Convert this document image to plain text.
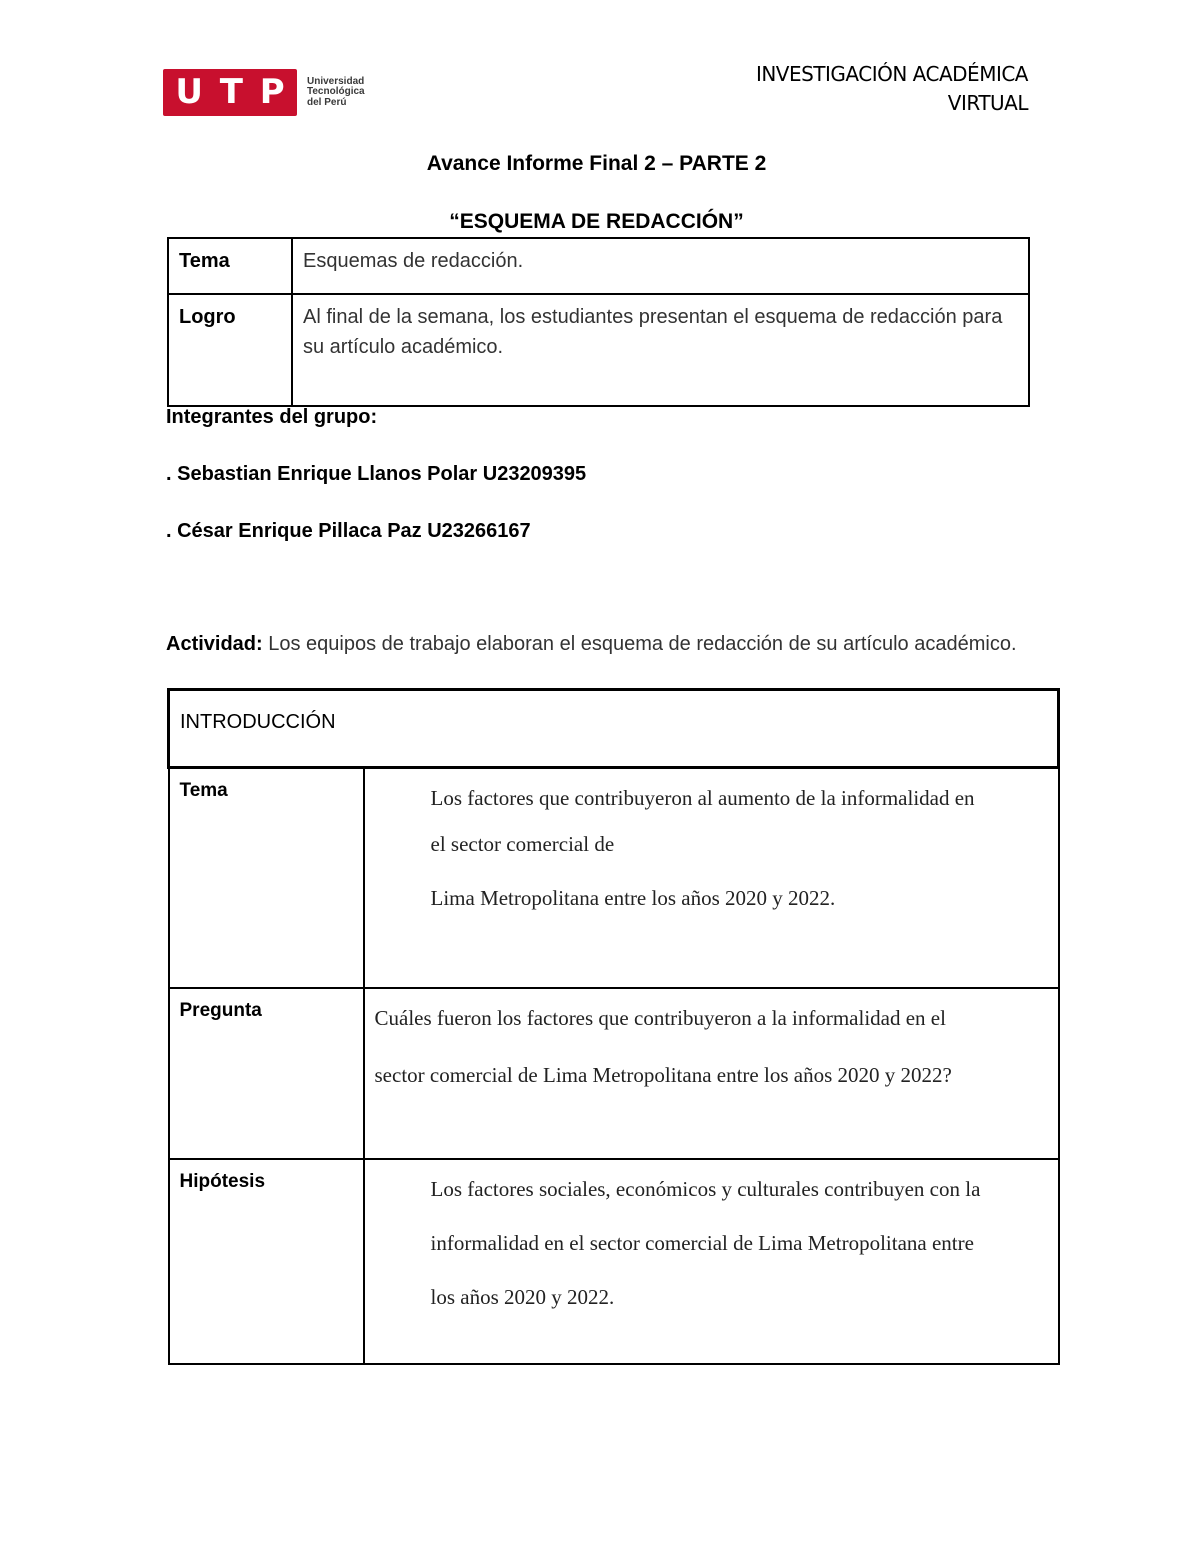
U T P Universidad
Tecnológica
del Perú
INVESTIGACIÓN ACADÉMICA
VIRTUAL
Avance Informe Final 2 – PARTE 2
“ESQUEMA DE REDACCIÓN”
Tema	Esquemas de redacción.
Logro	Al final de la semana, los estudiantes presentan el esquema de redacción para su artículo académico.
Integrantes del grupo:
. Sebastian Enrique Llanos Polar U23209395
. César Enrique Pillaca Paz U23266167
Actividad: Los equipos de trabajo elaboran el esquema de redacción de su artículo académico.
INTRODUCCIÓN	

Tema	Los factores que contribuyeron al aumento de la informalidad en
el sector comercial de
Lima Metropolitana entre los años 2020 y 2022.

Pregunta	Cuáles fueron los factores que contribuyeron a la informalidad en el
sector comercial de Lima Metropolitana entre los años 2020 y 2022?

Hipótesis	Los factores sociales, económicos y culturales contribuyen con la
informalidad en el sector comercial de Lima Metropolitana entre
los años 2020 y 2022.
